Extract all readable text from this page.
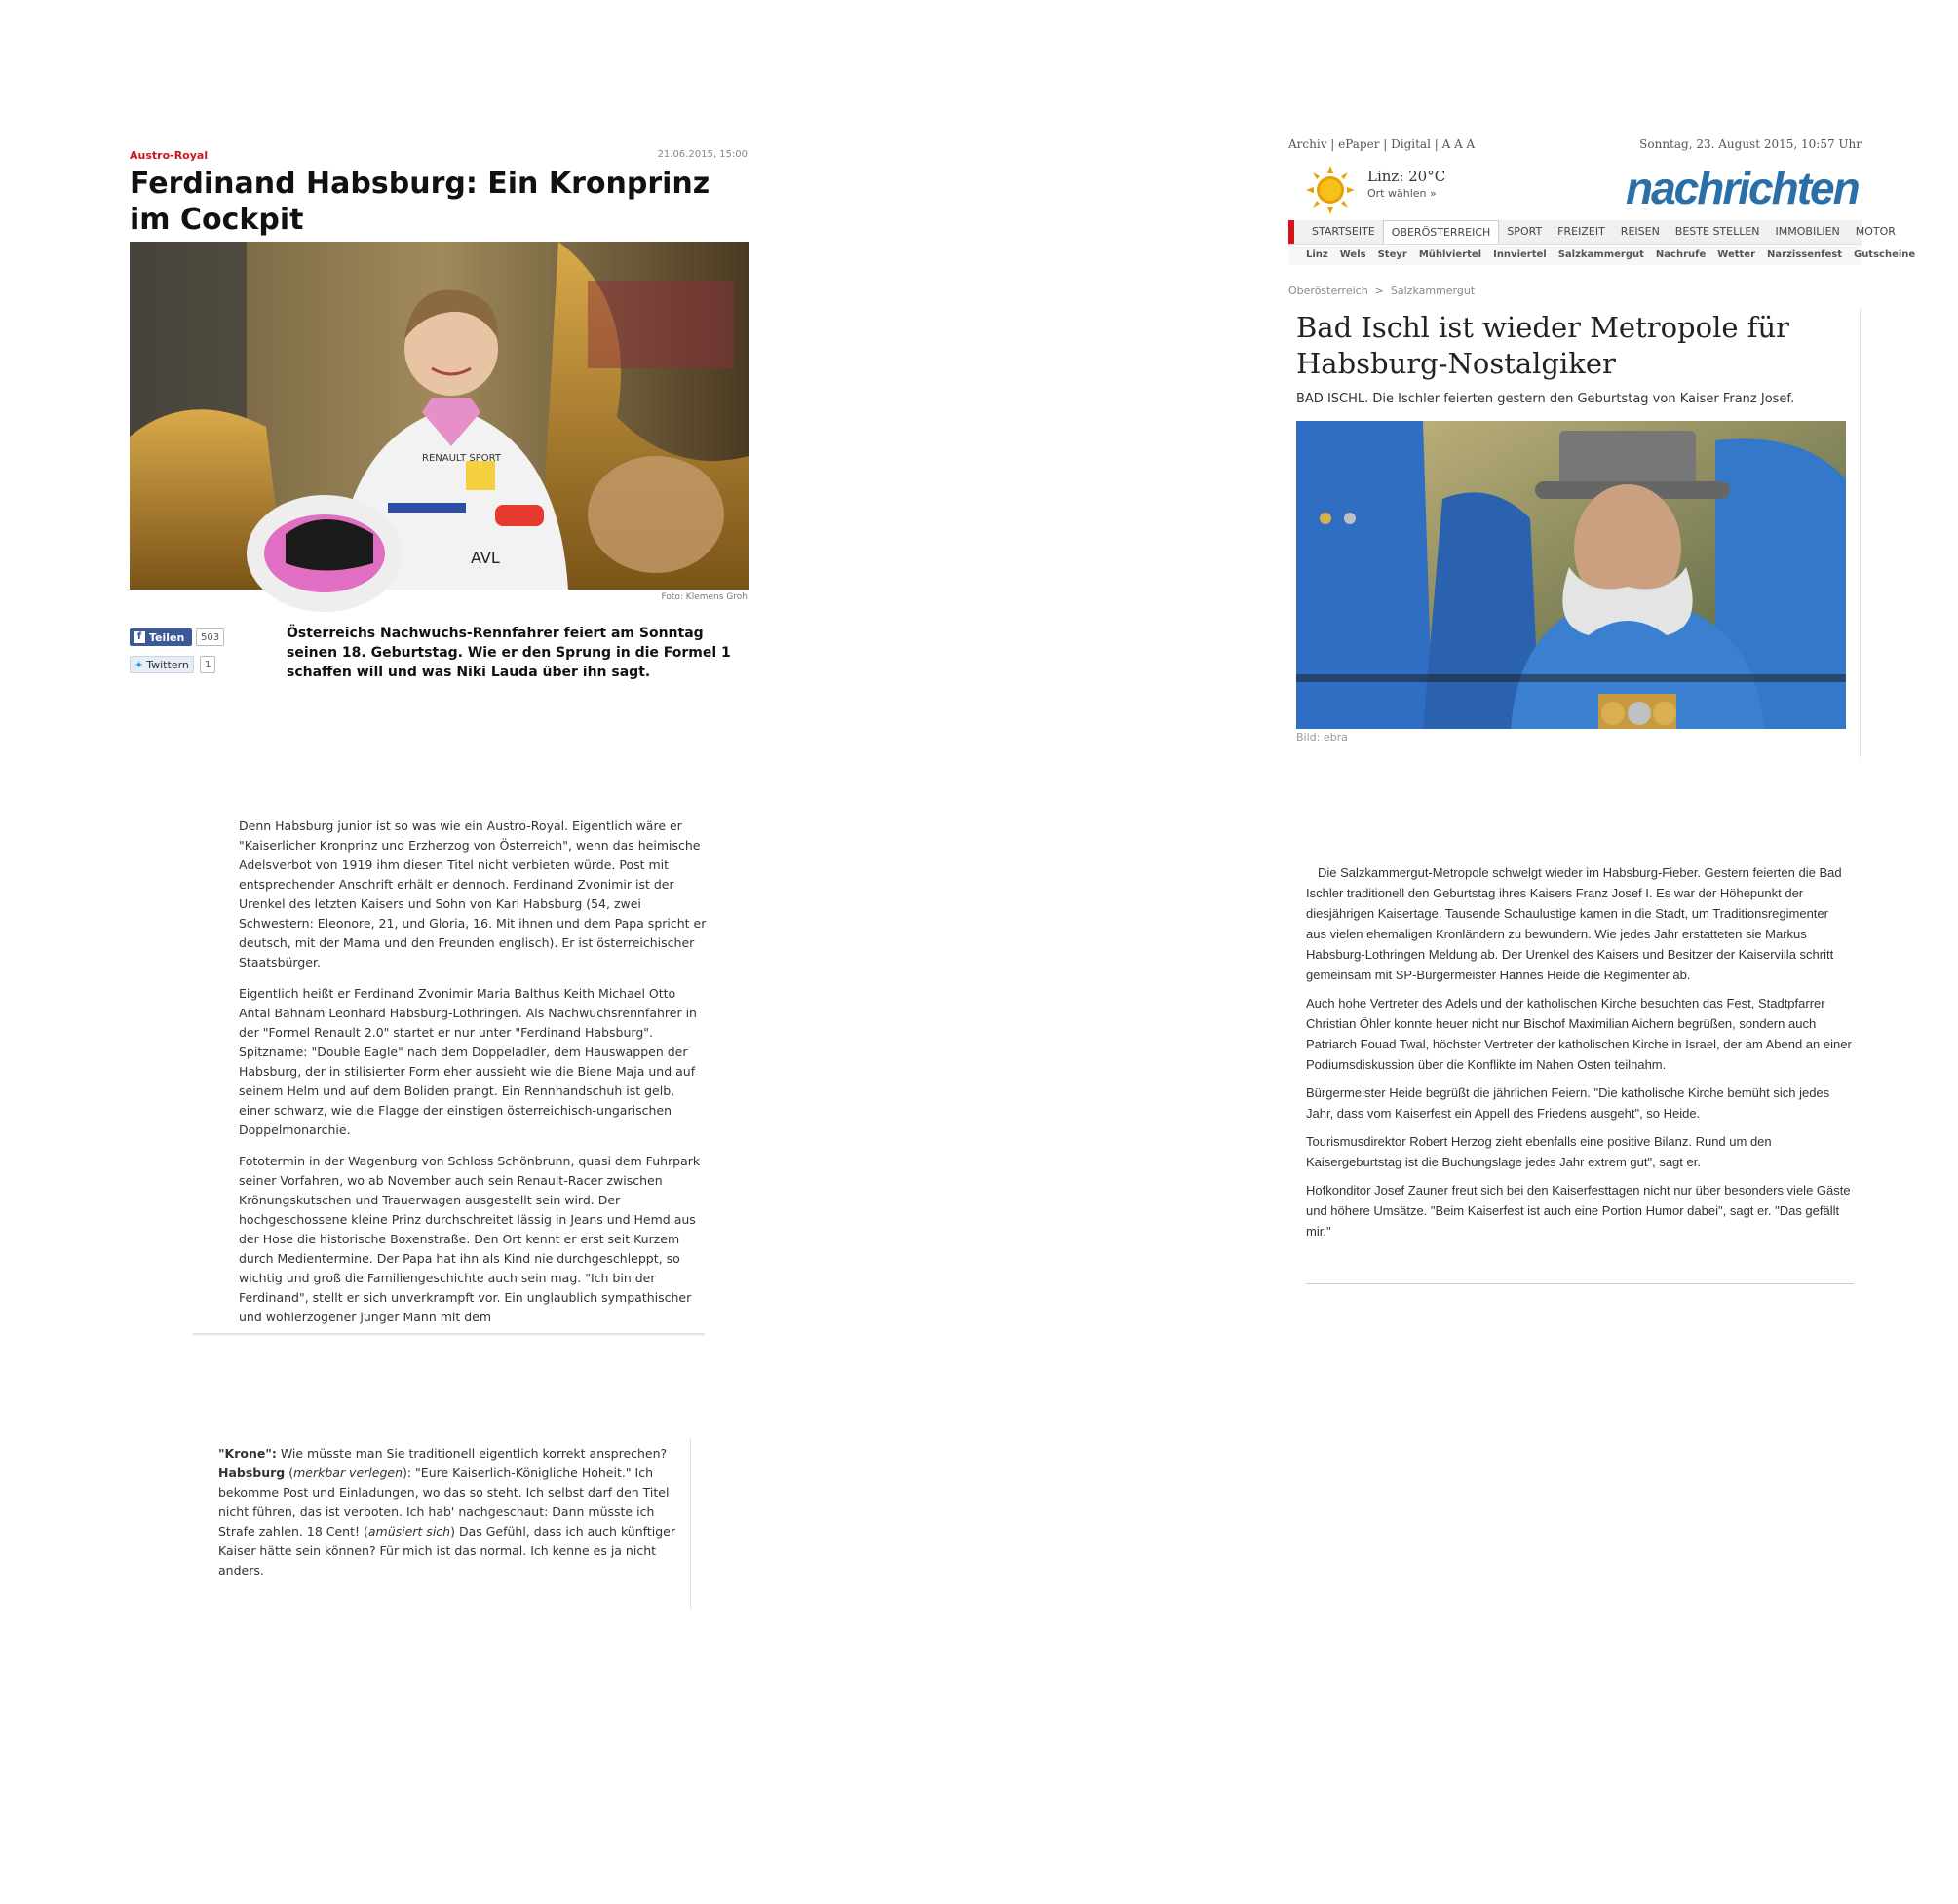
Austro-Royal	21.06.2015, 15:00
Ferdinand Habsburg: Ein Kronprinz im Cockpit
RENAULT SPORT
AVL
Foto: Klemens Groh
f Teilen	503
✦ Twittern	1
Österreichs Nachwuchs-Rennfahrer feiert am Sonntag seinen 18. Geburtstag. Wie er den Sprung in die Formel 1 schaffen will und was Niki Lauda über ihn sagt.

Denn Habsburg junior ist so was wie ein Austro-Royal. Eigentlich wäre er "Kaiserlicher Kronprinz und Erzherzog von Österreich", wenn das heimische Adelsverbot von 1919 ihm diesen Titel nicht verbieten würde. Post mit entsprechender Anschrift erhält er dennoch. Ferdinand Zvonimir ist der Urenkel des letzten Kaisers und Sohn von Karl Habsburg (54, zwei Schwestern: Eleonore, 21, und Gloria, 16. Mit ihnen und dem Papa spricht er deutsch, mit der Mama und den Freunden englisch). Er ist österreichischer Staatsbürger.

Eigentlich heißt er Ferdinand Zvonimir Maria Balthus Keith Michael Otto Antal Bahnam Leonhard Habsburg-Lothringen. Als Nachwuchsrennfahrer in der "Formel Renault 2.0" startet er nur unter "Ferdinand Habsburg". Spitzname: "Double Eagle" nach dem Doppeladler, dem Hauswappen der Habsburg, der in stilisierter Form eher aussieht wie die Biene Maja und auf seinem Helm und auf dem Boliden prangt. Ein Rennhandschuh ist gelb, einer schwarz, wie die Flagge der einstigen österreichisch-ungarischen Doppelmonarchie.

Fototermin in der Wagenburg von Schloss Schönbrunn, quasi dem Fuhrpark seiner Vorfahren, wo ab November auch sein Renault-Racer zwischen Krönungskutschen und Trauerwagen ausgestellt sein wird. Der hochgeschossene kleine Prinz durchschreitet lässig in Jeans und Hemd aus der Hose die historische Boxenstraße. Den Ort kennt er erst seit Kurzem durch Medientermine. Der Papa hat ihn als Kind nie durchgeschleppt, so wichtig und groß die Familiengeschichte auch sein mag. "Ich bin der Ferdinand", stellt er sich unverkrampft vor. Ein unglaublich sympathischer und wohlerzogener junger Mann mit dem

"Krone": Wie müsste man Sie traditionell eigentlich korrekt ansprechen?
Habsburg (merkbar verlegen): "Eure Kaiserlich-Königliche Hoheit." Ich bekomme Post und Einladungen, wo das so steht. Ich selbst darf den Titel nicht führen, das ist verboten. Ich hab' nachgeschaut: Dann müsste ich Strafe zahlen. 18 Cent! (amüsiert sich) Das Gefühl, dass ich auch künftiger Kaiser hätte sein können? Für mich ist das normal. Ich kenne es ja nicht anders.
Archiv | ePaper | Digital | A A A	Sonntag, 23. August 2015, 10:57 Uhr
Linz: 20°C
Ort wählen »	nachrichten
STARTSEITE	OBERÖSTERREICH	SPORT	FREIZEIT	REISEN	BESTE STELLEN	IMMOBILIEN	MOTOR
Linz	Wels	Steyr	Mühlviertel	Innviertel	Salzkammergut	Nachrufe	Wetter	Narzissenfest	Gutscheine
Oberösterreich  >  Salzkammergut
Bad Ischl ist wieder Metropole für Habsburg-Nostalgiker
BAD ISCHL. Die Ischler feierten gestern den Geburtstag von Kaiser Franz Josef.
Bild: ebra

Die Salzkammergut-Metropole schwelgt wieder im Habsburg-Fieber. Gestern feierten die Bad Ischler traditionell den Geburtstag ihres Kaisers Franz Josef I. Es war der Höhepunkt der diesjährigen Kaisertage. Tausende Schaulustige kamen in die Stadt, um Traditionsregimenter aus vielen ehemaligen Kronländern zu bewundern. Wie jedes Jahr erstatteten sie Markus Habsburg-Lothringen Meldung ab. Der Urenkel des Kaisers und Besitzer der Kaiservilla schritt gemeinsam mit SP-Bürgermeister Hannes Heide die Regimenter ab.

Auch hohe Vertreter des Adels und der katholischen Kirche besuchten das Fest, Stadtpfarrer Christian Öhler konnte heuer nicht nur Bischof Maximilian Aichern begrüßen, sondern auch Patriarch Fouad Twal, höchster Vertreter der katholischen Kirche in Israel, der am Abend an einer Podiumsdiskussion über die Konflikte im Nahen Osten teilnahm.

Bürgermeister Heide begrüßt die jährlichen Feiern. "Die katholische Kirche bemüht sich jedes Jahr, dass vom Kaiserfest ein Appell des Friedens ausgeht", so Heide.

Tourismusdirektor Robert Herzog zieht ebenfalls eine positive Bilanz. Rund um den Kaisergeburtstag ist die Buchungslage jedes Jahr extrem gut", sagt er.

Hofkonditor Josef Zauner freut sich bei den Kaiserfesttagen nicht nur über besonders viele Gäste und höhere Umsätze. "Beim Kaiserfest ist auch eine Portion Humor dabei", sagt er. "Das gefällt mir."
